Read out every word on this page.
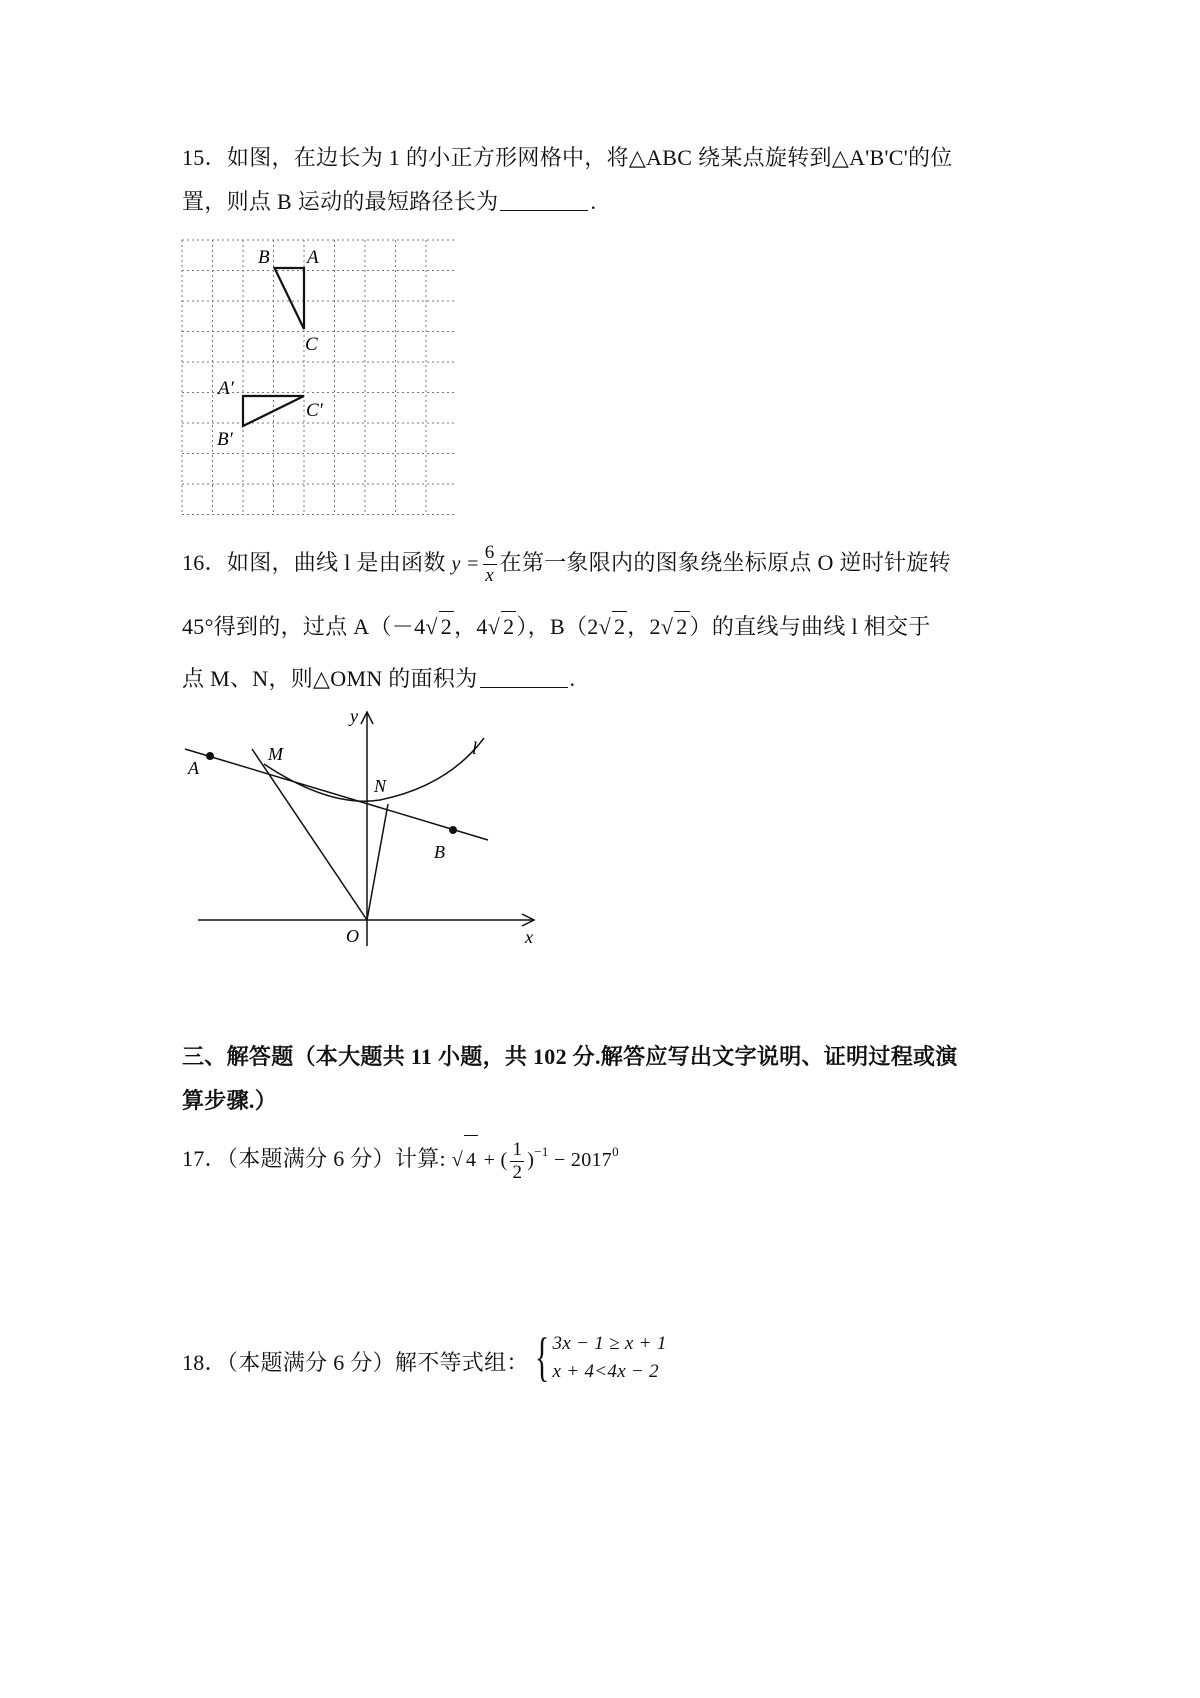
15．如图，在边长为 1 的小正方形网格中，将△ABC 绕某点旋转到△A'B'C'的位
置，则点 B 运动的最短路径长为	.
B A
C
A′
C′
B′
16．如图，曲线 l 是由函数 $y = \frac{6}{x}$ 在第一象限内的图象绕坐标原点 O 逆时针旋转
45°得到的，过点 A（－4√ 2，4√ 2），B（2√ 2，2√ 2）的直线与曲线 l 相交于
点 M、N，则△OMN 的面积为	.
y
x
O
A
B
M
N
l
三、解答题（本大题共 11 小题，共 102 分.解答应写出文字说明、证明过程或演
算步骤.）
17．（本题满分 6 分）计算: √ 4 + ( $\frac{1}{2} )^{-1} - 2017^0$
18．（本题满分 6 分）解不等式组： { 3x − 1 ≥ x + 1
x + 4<4x − 2
